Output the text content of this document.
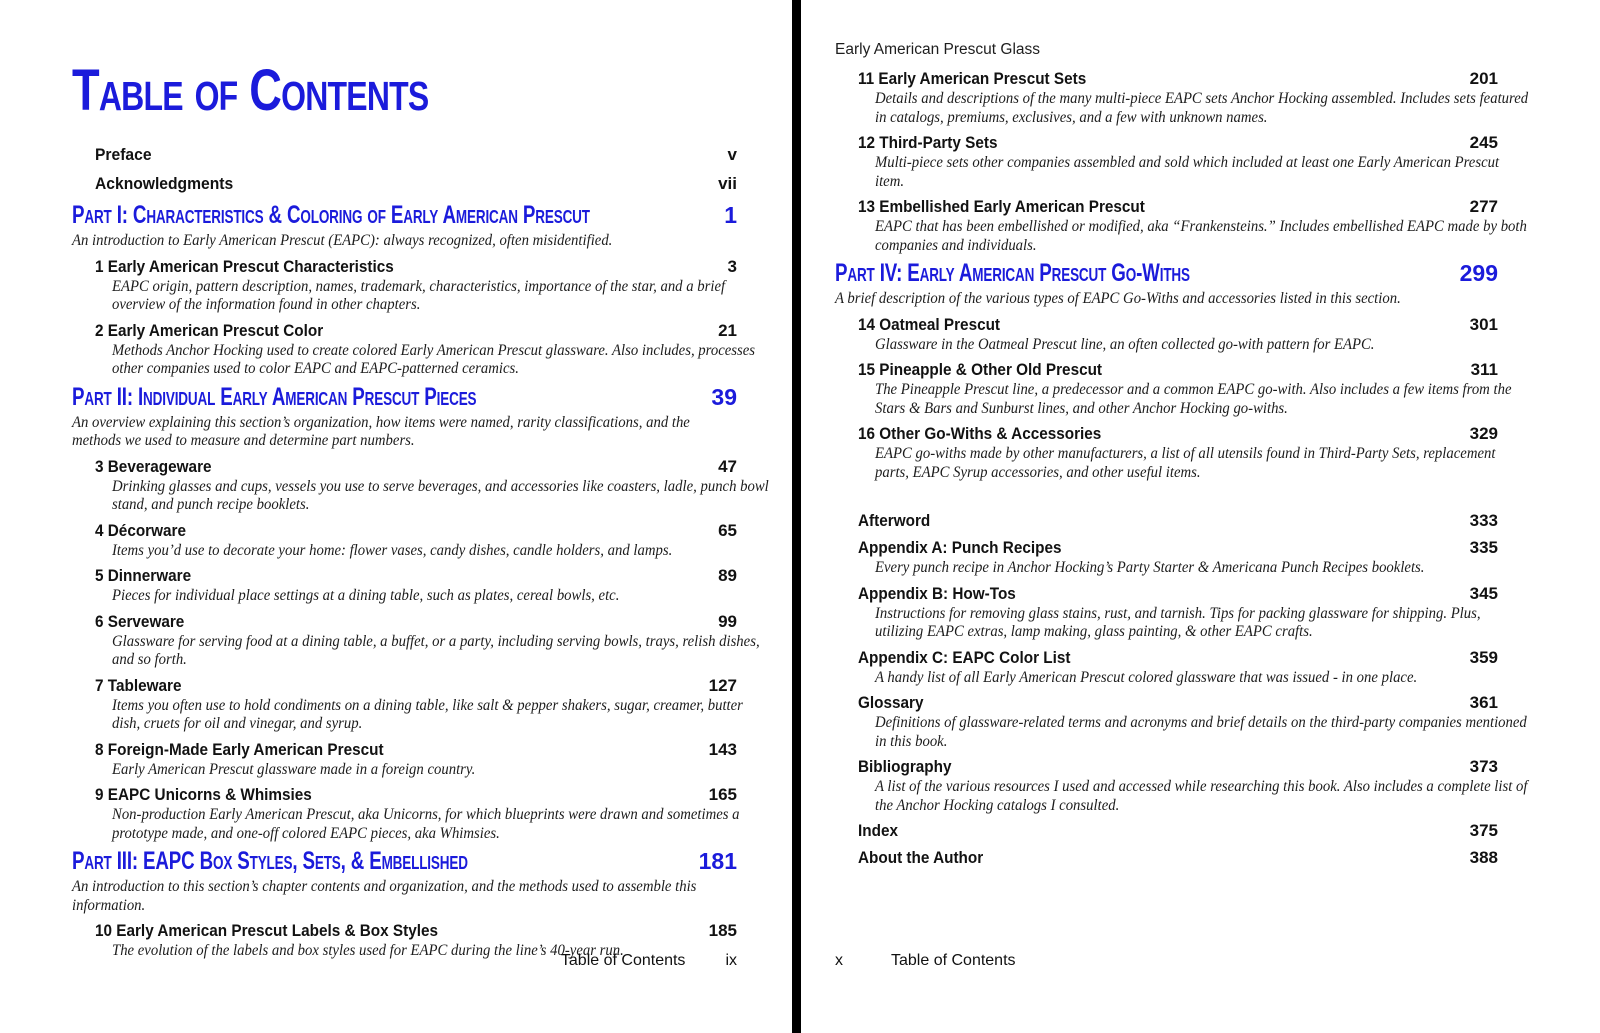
Table of Contents
Preface	v
Acknowledgments	vii
Part I: Characteristics & Coloring of Early American Prescut	1
An introduction to Early American Prescut (EAPC): always recognized, often misidentified.
1 Early American Prescut Characteristics	3
EAPC origin, pattern description, names, trademark, characteristics, importance of the star, and a brief overview of the information found in other chapters.
2 Early American Prescut Color	21
Methods Anchor Hocking used to create colored Early American Prescut glassware. Also includes, processes other companies used to color EAPC and EAPC-patterned ceramics.
Part II: Individual Early American Prescut Pieces	39
An overview explaining this section’s organization, how items were named, rarity classifications, and the methods we used to measure and determine part numbers.
3 Beverageware	47
Drinking glasses and cups, vessels you use to serve beverages, and accessories like coasters, ladle, punch bowl stand, and punch recipe booklets.
4 Décorware	65
Items you’d use to decorate your home: flower vases, candy dishes, candle holders, and lamps.
5 Dinnerware	89
Pieces for individual place settings at a dining table, such as plates, cereal bowls, etc.
6 Serveware	99
Glassware for serving food at a dining table, a buffet, or a party, including serving bowls, trays, relish dishes, and so forth.
7 Tableware	127
Items you often use to hold condiments on a dining table, like salt & pepper shakers, sugar, creamer, butter dish, cruets for oil and vinegar, and syrup.
8 Foreign-Made Early American Prescut	143
Early American Prescut glassware made in a foreign country.
9 EAPC Unicorns & Whimsies	165
Non-production Early American Prescut, aka Unicorns, for which blueprints were drawn and sometimes a prototype made, and one-off colored EAPC pieces, aka Whimsies.
Part III: EAPC Box Styles, Sets, & Embellished	181
An introduction to this section’s chapter contents and organization, and the methods used to assemble this information.
10 Early American Prescut Labels & Box Styles	185
The evolution of the labels and box styles used for EAPC during the line’s 40-year run.
Table of Contents	ix
Early American Prescut Glass
11 Early American Prescut Sets	201
Details and descriptions of the many multi-piece EAPC sets Anchor Hocking assembled. Includes sets featured in catalogs, premiums, exclusives, and a few with unknown names.
12 Third-Party Sets	245
Multi-piece sets other companies assembled and sold which included at least one Early American Prescut item.
13 Embellished Early American Prescut	277
EAPC that has been embellished or modified, aka “Frankensteins.” Includes embellished EAPC made by both companies and individuals.
Part IV: Early American Prescut Go-Withs	299
A brief description of the various types of EAPC Go-Withs and accessories listed in this section.
14 Oatmeal Prescut	301
Glassware in the Oatmeal Prescut line, an often collected go-with pattern for EAPC.
15 Pineapple & Other Old Prescut	311
The Pineapple Prescut line, a predecessor and a common EAPC go-with. Also includes a few items from the Stars & Bars and Sunburst lines, and other Anchor Hocking go-withs.
16 Other Go-Withs & Accessories	329
EAPC go-withs made by other manufacturers, a list of all utensils found in Third-Party Sets, replacement parts, EAPC Syrup accessories, and other useful items.
Afterword	333
Appendix A: Punch Recipes	335
Every punch recipe in Anchor Hocking’s Party Starter & Americana Punch Recipes booklets.
Appendix B: How-Tos	345
Instructions for removing glass stains, rust, and tarnish. Tips for packing glassware for shipping. Plus, utilizing EAPC extras, lamp making, glass painting, & other EAPC crafts.
Appendix C: EAPC Color List	359
A handy list of all Early American Prescut colored glassware that was issued - in one place.
Glossary	361
Definitions of glassware-related terms and acronyms and brief details on the third-party companies mentioned in this book.
Bibliography	373
A list of the various resources I used and accessed while researching this book. Also includes a complete list of the Anchor Hocking catalogs I consulted.
Index	375
About the Author	388
x	Table of Contents
